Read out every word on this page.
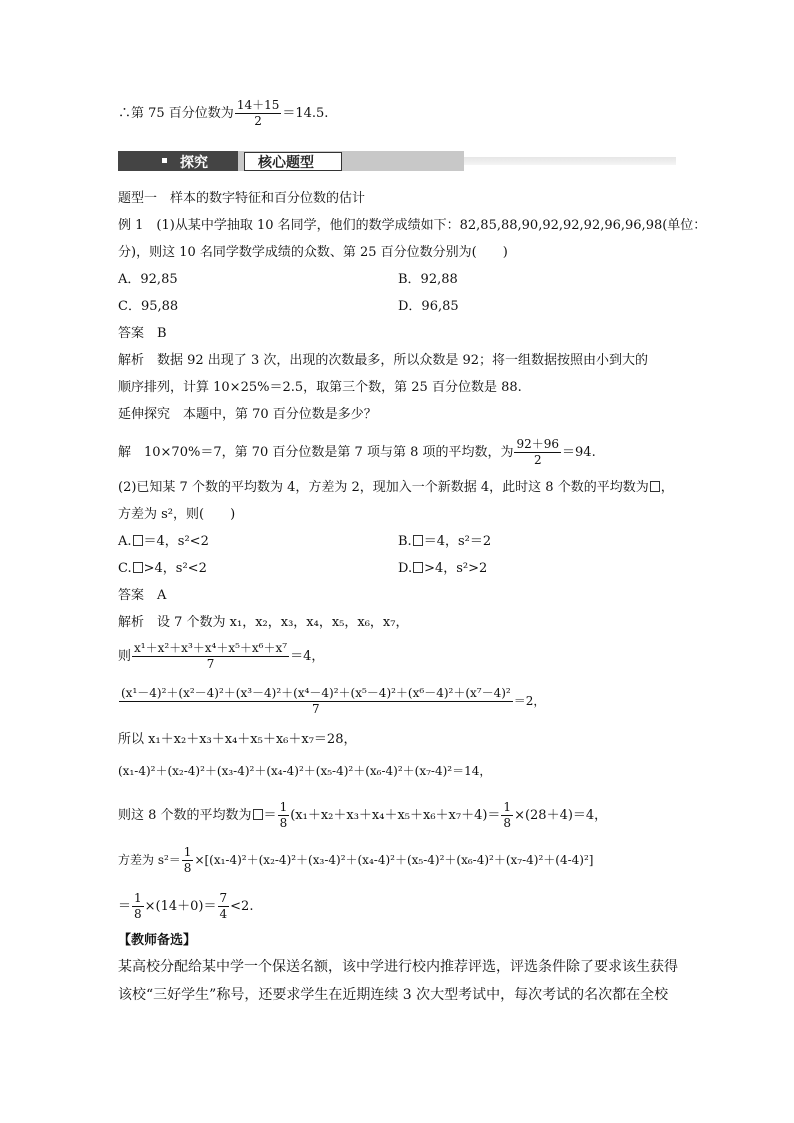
∴第 75 百分位数为 $\frac{14+15}{2} =14.5$.
探究	核心题型
题型一　样本的数字特征和百分位数的估计
例 1　(1)从某中学抽取 10 名同学，他们的数学成绩如下：82,85,88,90,92,92,92,96,96,98(单位：
分)，则这 10 名同学数学成绩的众数、第 25 百分位数分别为(　　)
A．92,85	B．92,88
C．95,88	D．96,85
答案　B
解析　数据 92 出现了 3 次，出现的次数最多，所以众数是 92；将一组数据按照由小到大的
顺序排列，计算 10×25%＝2.5，取第三个数，第 25 百分位数是 88.
延伸探究　本题中，第 70 百分位数是多少？
解　10×70%＝7，第 70 百分位数是第 7 项与第 8 项的平均数，为 $\frac{92+96}{2} =94$.
(2)已知某 7 个数的平均数为 4，方差为 2，现加入一个新数据 4，此时这 8 个数的平均数为 ，
方差为 s²，则(　　)
A. ＝4，s²<2	B. ＝4，s²＝2
C. >4，s²<2	D. >4，s²>2
答案　A
解析　设 7 个数为 x₁，x₂，x₃，x₄，x₅，x₆，x₇，
则 $\frac{\text{x¹＋x²＋x³＋x⁴＋x⁵＋x⁶＋x⁷}}{7} =4$，
$\frac{\text{(x¹－4)²＋(x²－4)²＋(x³－4)²＋(x⁴－4)²＋(x⁵－4)²＋(x⁶－4)²＋(x⁷－4)²}}{7} =2$，
所以 x₁＋x₂＋x₃＋x₄＋x₅＋x₆＋x₇＝28，
(x₁-4)²＋(x₂-4)²＋(x₃-4)²＋(x₄-4)²＋(x₅-4)²＋(x₆-4)²＋(x₇-4)²＝14，
则这 8 个数的平均数为 ＝ $\frac{1}{8} (x_1+x_2+x_3+x_4+x_5+x_6+x_7+4)= \frac{1}{8} \times(28+4)=4$，
方差为 $s^2= \frac{1}{8} \times[(x_1-4)^2+(x_2-4)^2+(x_3-4)^2+(x_4-4)^2+(x_5-4)^2+(x_6-4)^2+(x_7-4)^2+(4-4)^2]$
＝ $\frac{1}{8} \times(14+0)= \frac{7}{4} <2$.
【教师备选】
某高校分配给某中学一个保送名额，该中学进行校内推荐评选，评选条件除了要求该生获得
该校“三好学生”称号，还要求学生在近期连续 3 次大型考试中，每次考试的名次都在全校
